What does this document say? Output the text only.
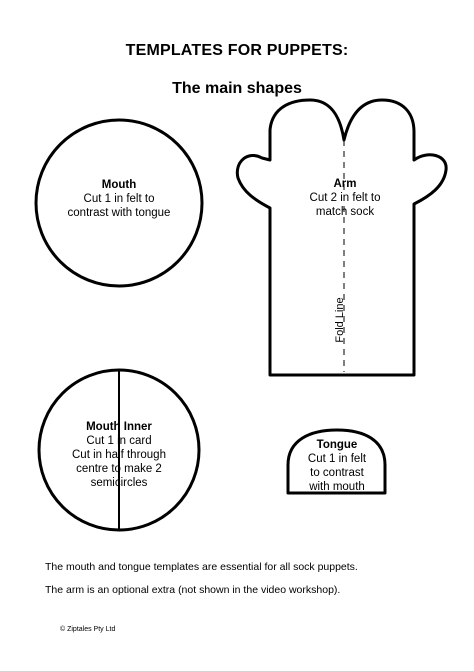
TEMPLATES FOR PUPPETS:
The main shapes
Mouth
Cut 1 in felt to
contrast with tongue
Arm
Cut 2 in felt to
match sock
Fold Line
Mouth Inner
Cut 1 in card
Cut in half through
centre to make 2
semicircles
Tongue
Cut 1 in felt
to contrast
with mouth
The mouth and tongue templates are essential for all sock puppets.
The arm is an optional extra (not shown in the video workshop).
© Ziptales Pty Ltd
